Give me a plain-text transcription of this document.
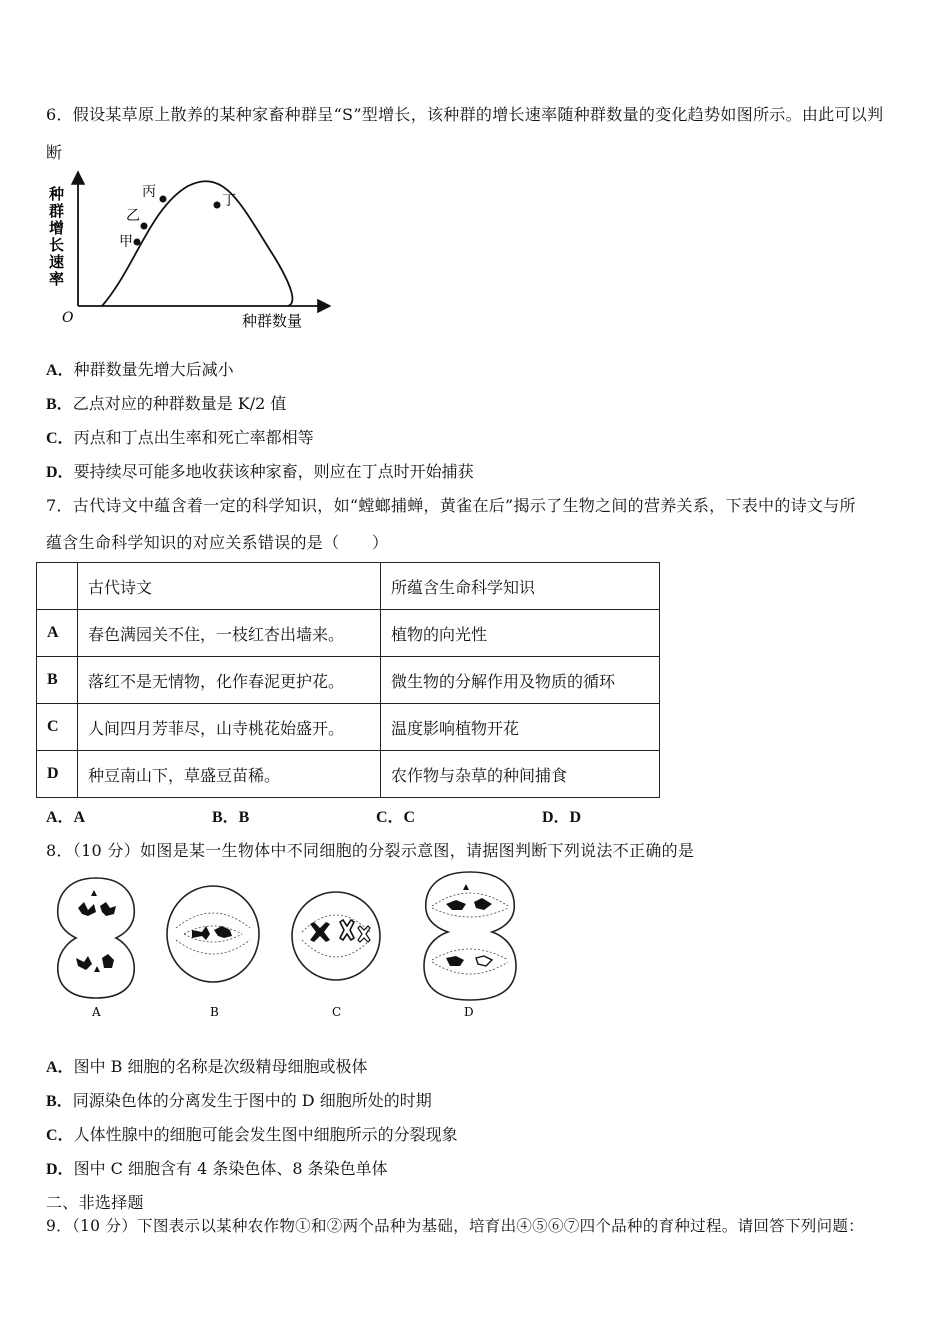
6．假设某草原上散养的某种家畜种群呈“S”型增长，该种群的增长速率随种群数量的变化趋势如图所示。由此可以判
断
甲
乙
丙
丁
O	种群数量
种群增长速率
A．种群数量先增大后减小
B．乙点对应的种群数量是 K/2 值
C．丙点和丁点出生率和死亡率都相等
D．要持续尽可能多地收获该种家畜，则应在丁点时开始捕获
7．古代诗文中蕴含着一定的科学知识，如“螳螂捕蝉，黄雀在后”揭示了生物之间的营养关系，下表中的诗文与所
蕴含生命科学知识的对应关系错误的是（　　）
	古代诗文	所蕴含生命科学知识
A	春色满园关不住，一枝红杏出墙来。	植物的向光性
B	落红不是无情物，化作春泥更护花。	微生物的分解作用及物质的循环
C	人间四月芳菲尽，山寺桃花始盛开。	温度影响植物开花
D	种豆南山下，草盛豆苗稀。	农作物与杂草的种间捕食
A．A	B．B	C．C	D．D
8．（10 分）如图是某一生物体中不同细胞的分裂示意图，请据图判断下列说法不正确的是
A	B	C	D
A．图中 B 细胞的名称是次级精母细胞或极体
B．同源染色体的分离发生于图中的 D 细胞所处的时期
C．人体性腺中的细胞可能会发生图中细胞所示的分裂现象
D．图中 C 细胞含有 4 条染色体、8 条染色单体
二、非选择题
9．（10 分）下图表示以某种农作物①和②两个品种为基础，培育出④⑤⑥⑦四个品种的育种过程。请回答下列问题：
